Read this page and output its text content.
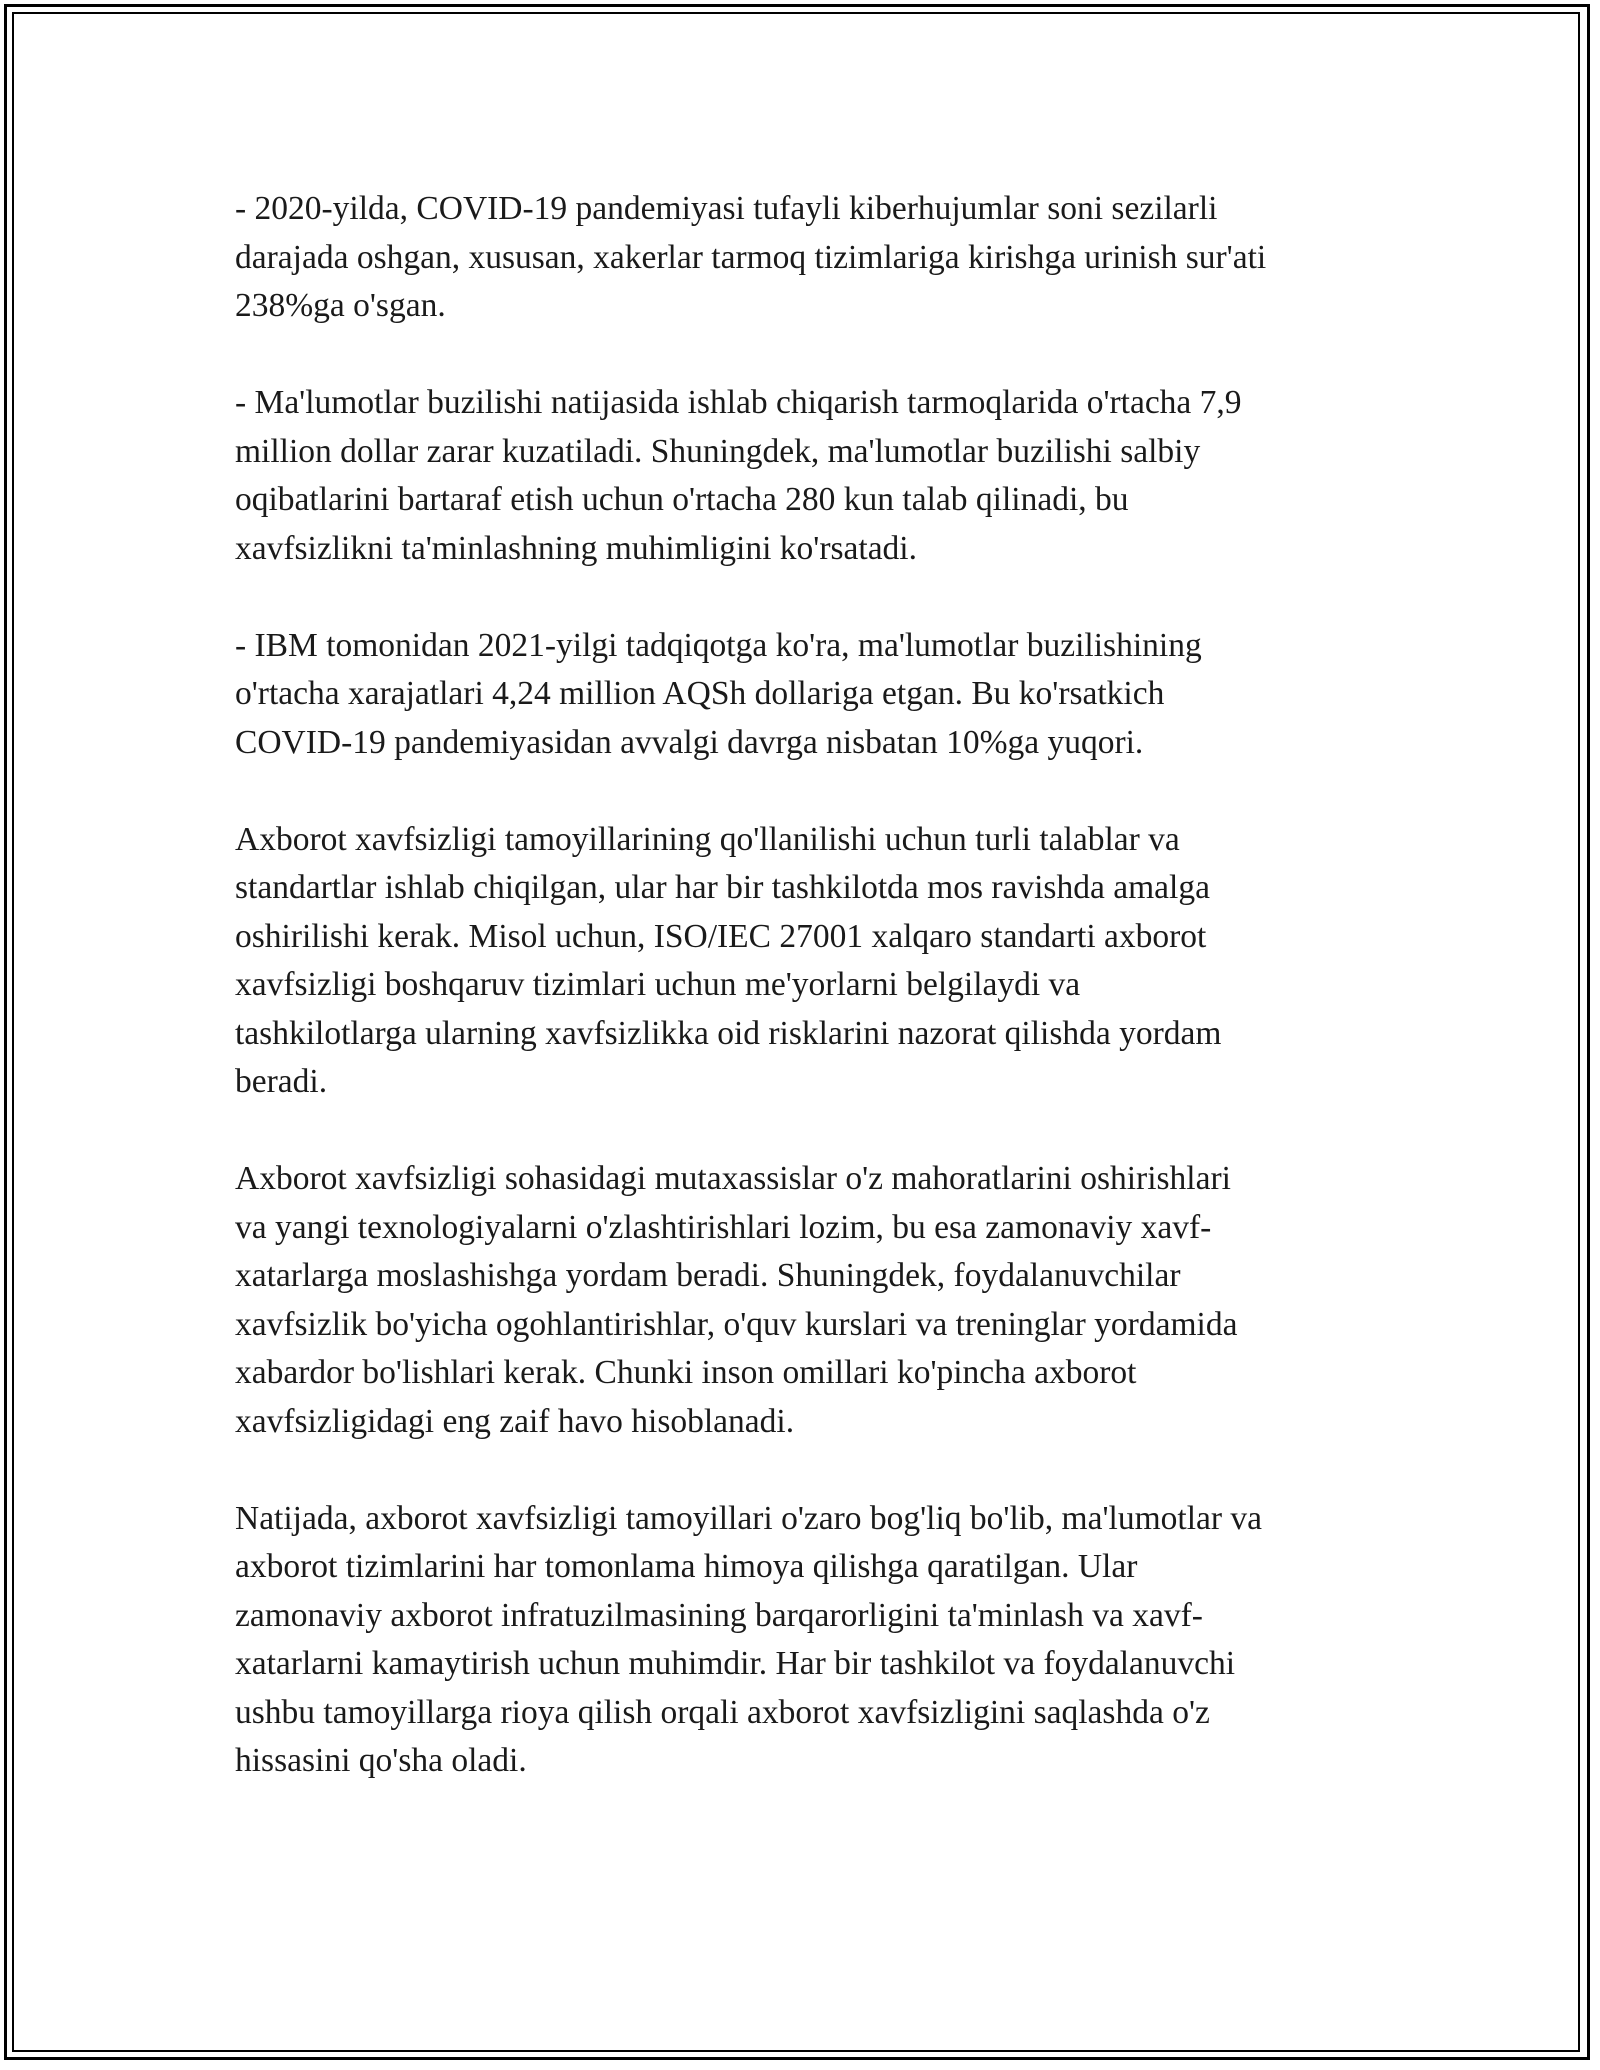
- 2020-yilda, COVID-19 pandemiyasi tufayli kiberhujumlar soni sezilarli
darajada oshgan, xususan, xakerlar tarmoq tizimlariga kirishga urinish sur'ati
238%ga o'sgan.

- Ma'lumotlar buzilishi natijasida ishlab chiqarish tarmoqlarida o'rtacha 7,9
million dollar zarar kuzatiladi. Shuningdek, ma'lumotlar buzilishi salbiy
oqibatlarini bartaraf etish uchun o'rtacha 280 kun talab qilinadi, bu
xavfsizlikni ta'minlashning muhimligini ko'rsatadi.

- IBM tomonidan 2021-yilgi tadqiqotga ko'ra, ma'lumotlar buzilishining
o'rtacha xarajatlari 4,24 million AQSh dollariga etgan. Bu ko'rsatkich
COVID-19 pandemiyasidan avvalgi davrga nisbatan 10%ga yuqori.

Axborot xavfsizligi tamoyillarining qo'llanilishi uchun turli talablar va
standartlar ishlab chiqilgan, ular har bir tashkilotda mos ravishda amalga
oshirilishi kerak. Misol uchun, ISO/IEC 27001 xalqaro standarti axborot
xavfsizligi boshqaruv tizimlari uchun me'yorlarni belgilaydi va
tashkilotlarga ularning xavfsizlikka oid risklarini nazorat qilishda yordam
beradi.

Axborot xavfsizligi sohasidagi mutaxassislar o'z mahoratlarini oshirishlari
va yangi texnologiyalarni o'zlashtirishlari lozim, bu esa zamonaviy xavf-
xatarlarga moslashishga yordam beradi. Shuningdek, foydalanuvchilar
xavfsizlik bo'yicha ogohlantirishlar, o'quv kurslari va treninglar yordamida
xabardor bo'lishlari kerak. Chunki inson omillari ko'pincha axborot
xavfsizligidagi eng zaif havo hisoblanadi.

Natijada, axborot xavfsizligi tamoyillari o'zaro bog'liq bo'lib, ma'lumotlar va
axborot tizimlarini har tomonlama himoya qilishga qaratilgan. Ular
zamonaviy axborot infratuzilmasining barqarorligini ta'minlash va xavf-
xatarlarni kamaytirish uchun muhimdir. Har bir tashkilot va foydalanuvchi
ushbu tamoyillarga rioya qilish orqali axborot xavfsizligini saqlashda o'z
hissasini qo'sha oladi.
